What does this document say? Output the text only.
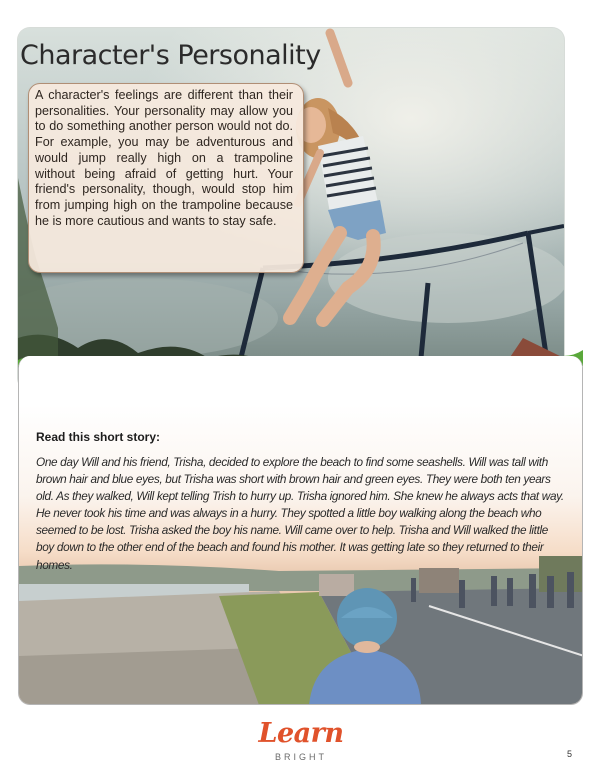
Character's Personality

A character's feelings are different than their personalities. Your personality may allow you to do something another person would not do. For example, you may be adventurous and would jump really high on a trampoline without being afraid of getting hurt. Your friend's personality, though, would stop him from jumping high on the trampoline because he is more cautious and wants to stay safe.

Read this short story:

One day Will and his friend, Trisha, decided to explore the beach to find some seashells. Will was tall with brown hair and blue eyes, but Trisha was short with brown hair and green eyes. They were both ten years old. As they walked, Will kept telling Trish to hurry up. Trisha ignored him. She knew he always acts that way. He never took his time and was always in a hurry. They spotted a little boy walking along the beach who seemed to be lost. Trisha asked the boy his name. Will came over to help. Trisha and Will walked the little boy down to the other end of the beach and found his mother. It was getting late so they returned to their homes.

Learn
BRIGHT	5
